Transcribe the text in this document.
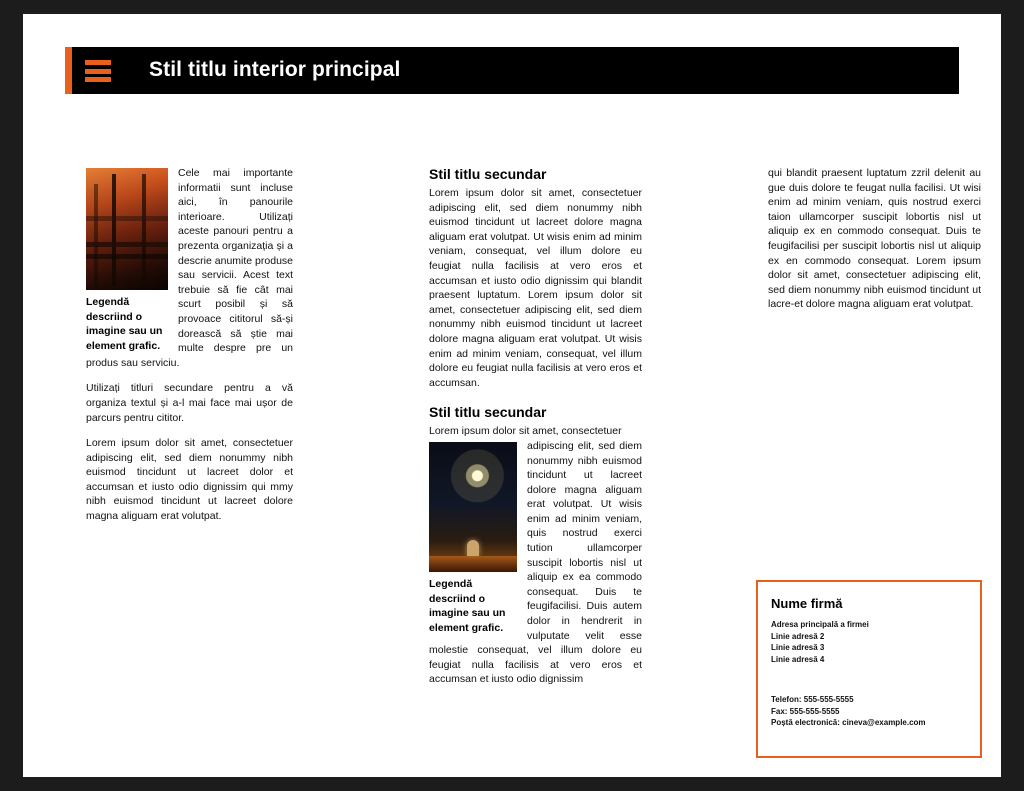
Stil titlu interior principal
Legendă descriind o imagine sau un element grafic.

Cele mai importante informatii sunt incluse aici, în panourile interioare. Utilizați aceste panouri pentru a prezenta organizația și a descrie anumite produse sau servicii. Acest text trebuie să fie cât mai scurt posibil și să provoace cititorul să-și dorească să știe mai multe despre pre un produs sau serviciu.

Utilizați titluri secundare pentru a vă organiza textul și a-l mai face mai ușor de parcurs pentru cititor.

Lorem ipsum dolor sit amet, consectetuer adipiscing elit, sed diem nonummy nibh euismod tincidunt ut lacreet dolor et accumsan et iusto odio dignissim qui mmy nibh euismod tincidunt ut lacreet dolore magna aliguam erat volutpat.

Stil titlu secundar

Lorem ipsum dolor sit amet, consectetuer adipiscing elit, sed diem nonummy nibh euismod tincidunt ut lacreet dolore magna aliguam erat volutpat. Ut wisis enim ad minim veniam, consequat, vel illum dolore eu feugiat nulla facilisis at vero eros et accumsan et iusto odio dignissim qui blandit praesent luptatum. Lorem ipsum dolor sit amet, consectetuer adipiscing elit, sed diem nonummy nibh euismod tincidunt ut lacreet dolore magna aliguam erat volutpat. Ut wisis enim ad minim veniam, consequat, vel illum dolore eu feugiat nulla facilisis at vero eros et accumsan.

Stil titlu secundar

Lorem ipsum dolor sit amet, consectetuer

Legendă descriind o imagine sau un element grafic.

adipiscing elit, sed diem nonummy nibh euismod tincidunt ut lacreet dolore magna aliguam erat volutpat. Ut wisis enim ad minim veniam, quis nostrud exerci tution ullamcorper suscipit lobortis nisl ut aliquip ex ea commodo consequat. Duis te feugifacilisi. Duis autem dolor in hendrerit in vulputate velit esse molestie consequat, vel illum dolore eu feugiat nulla facilisis at vero eros et accumsan et iusto odio dignissim

qui blandit praesent luptatum zzril delenit au gue duis dolore te feugat nulla facilisi. Ut wisi enim ad minim veniam, quis nostrud exerci taion ullamcorper suscipit lobortis nisl ut aliquip ex en commodo consequat. Duis te feugifacilisi per suscipit lobortis nisl ut aliquip ex en commodo consequat. Lorem ipsum dolor sit amet, consectetuer adipiscing elit, sed diem nonummy nibh euismod tincidunt ut lacre-et dolore magna aliguam erat volutpat.

Nume firmă
Adresa principală a firmei
Linie adresă 2
Linie adresă 3
Linie adresă 4
Telefon: 555-555-5555
Fax: 555-555-5555
Poștă electronică: cineva@example.com
